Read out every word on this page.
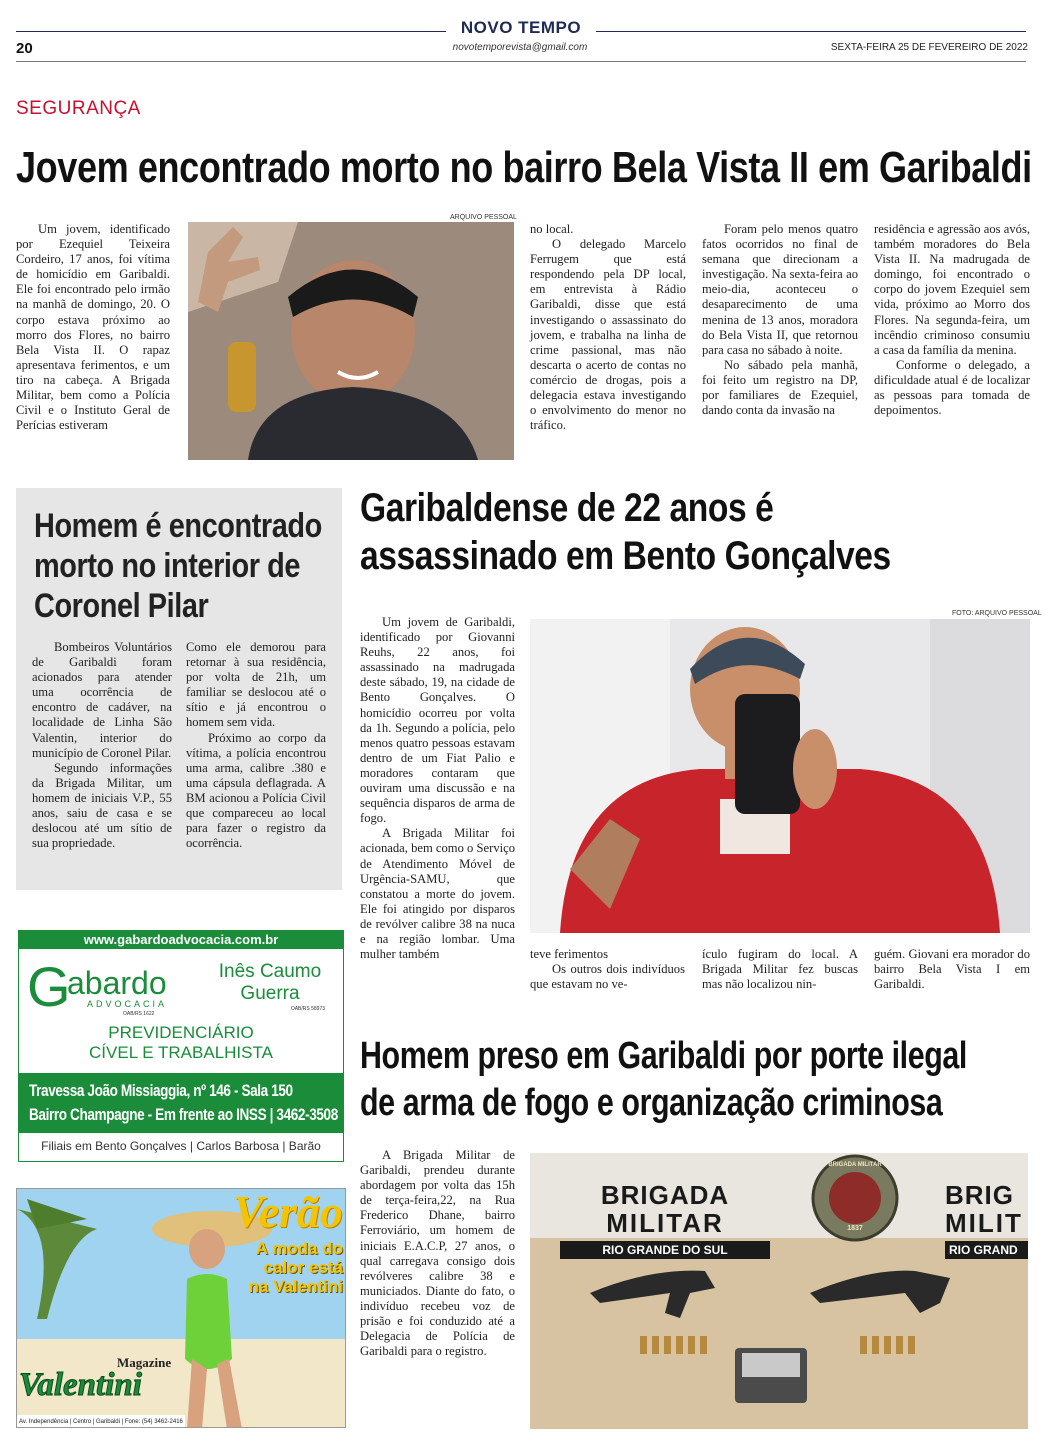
NOVO TEMPO
20	novotemporevista@gmail.com	SEXTA-FEIRA 25 DE FEVEREIRO DE 2022
SEGURANÇA
Jovem encontrado morto no bairro Bela Vista II em Garibaldi

Um jovem, identificado por Ezequiel Teixeira Cordeiro, 17 anos, foi vítima de homicídio em Garibaldi. Ele foi encontrado pelo irmão na manhã de domingo, 20. O corpo estava próximo ao morro dos Flores, no bairro Bela Vista II. O rapaz apresentava ferimentos, e um tiro na cabeça. A Brigada Militar, bem como a Polícia Civil e o Instituto Geral de Perícias estiveram

ARQUIVO PESSOAL
no local.

O delegado Marcelo Ferrugem que está respondendo pela DP local, em entrevista à Rádio Garibaldi, disse que está investigando o assassinato do jovem, e trabalha na linha de crime passional, mas não descarta o acerto de contas no comércio de drogas, pois a delegacia estava investigando o envolvimento do menor no tráfico.

Foram pelo menos quatro fatos ocorridos no final de semana que direcionam a investigação. Na sexta-feira ao meio-dia, aconteceu o desaparecimento de uma menina de 13 anos, moradora do Bela Vista II, que retornou para casa no sábado à noite.

No sábado pela manhã, foi feito um registro na DP, por familiares de Ezequiel, dando conta da invasão na

residência e agressão aos avós, também moradores do Bela Vista II. Na madrugada de domingo, foi encontrado o corpo do jovem Ezequiel sem vida, próximo ao Morro dos Flores. Na segunda-feira, um incêndio criminoso consumiu a casa da família da menina.

Conforme o delegado, a dificuldade atual é de localizar as pessoas para tomada de depoimentos.

Homem é encontrado
morto no interior de
Coronel Pilar

Bombeiros Voluntários de Garibaldi foram acionados para atender uma ocorrência de encontro de cadáver, na localidade de Linha São Valentin, interior do município de Coronel Pilar.

Segundo informações da Brigada Militar, um homem de iniciais V.P., 55 anos, saiu de casa e se deslocou até um sítio de sua propriedade.

Como ele demorou para retornar à sua residência, por volta de 21h, um familiar se deslocou até o sítio e já encontrou o homem sem vida.

Próximo ao corpo da vítima, a polícia encontrou uma arma, calibre .380 e uma cápsula deflagrada. A BM acionou a Polícia Civil que compareceu ao local para fazer o registro da ocorrência.

Garibaldense de 22 anos é
assassinado em Bento Gonçalves

Um jovem de Garibaldi, identificado por Giovanni Reuhs, 22 anos, foi assassinado na madrugada deste sábado, 19, na cidade de Bento Gonçalves. O homicídio ocorreu por volta da 1h. Segundo a polícia, pelo menos quatro pessoas estavam dentro de um Fiat Palio e moradores contaram que ouviram uma discussão e na sequência disparos de arma de fogo.

A Brigada Militar foi acionada, bem como o Serviço de Atendimento Móvel de Urgência-SAMU, que constatou a morte do jovem. Ele foi atingido por disparos de revólver calibre 38 na nuca e na região lombar. Uma mulher também

FOTO: ARQUIVO PESSOAL
teve ferimentos

Os outros dois indivíduos que estavam no ve-

ículo fugiram do local. A Brigada Militar fez buscas mas não localizou nin-
guém. Giovani era morador do bairro Bela Vista I em Garibaldi.
www.gabardoadvocacia.com.br
G
abardo
ADVOCACIA
OAB/RS 1622
Inês Caumo
Guerra
OAB/RS 58973
PREVIDENCIÁRIO
CÍVEL E TRABALHISTA
Travessa João Missiaggia, nº 146 - Sala 150
Bairro Champagne - Em frente ao INSS | 3462-3508
Filiais em Bento Gonçalves | Carlos Barbosa | Barão
Verão
A moda do
calor está
na Valentini
Magazine
Valentini
Av. Independência | Centro | Garibaldi | Fone: (54) 3462-2416
Homem preso em Garibaldi por porte ilegal
de arma de fogo e organização criminosa

A Brigada Militar de Garibaldi, prendeu durante abordagem por volta das 15h de terça-feira,22, na Rua Frederico Dhane, bairro Ferroviário, um homem de iniciais E.A.C.P, 27 anos, o qual carregava consigo dois revólveres calibre 38 e municiados. Diante do fato, o indivíduo recebeu voz de prisão e foi conduzido até a Delegacia de Polícia de Garibaldi para o registro.

BRIGADA
MILITAR
RIO GRANDE DO SUL
BRIGADA MILITAR
1837
BRIG
MILIT
RIO GRAND
